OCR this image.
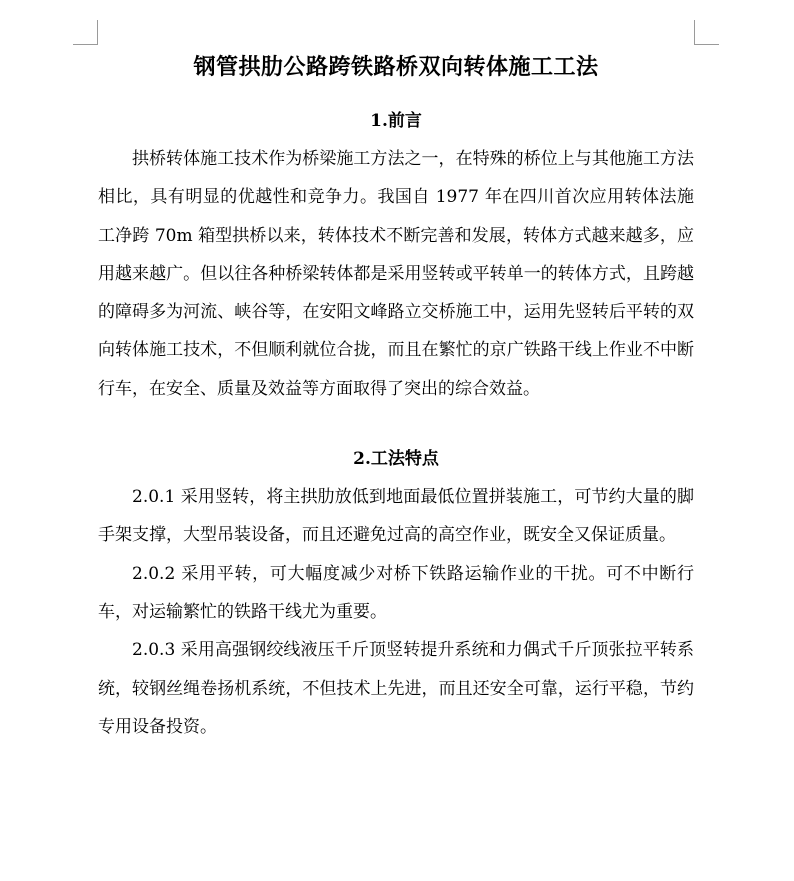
钢管拱肋公路跨铁路桥双向转体施工工法
1.前言

拱桥转体施工技术作为桥梁施工方法之一，在特殊的桥位上与其他施工方法相比，具有明显的优越性和竞争力。我国自 1977 年在四川首次应用转体法施工净跨 70m 箱型拱桥以来，转体技术不断完善和发展，转体方式越来越多，应用越来越广。但以往各种桥梁转体都是采用竖转或平转单一的转体方式，且跨越的障碍多为河流、峡谷等，在安阳文峰路立交桥施工中，运用先竖转后平转的双向转体施工技术，不但顺利就位合拢，而且在繁忙的京广铁路干线上作业不中断行车，在安全、质量及效益等方面取得了突出的综合效益。

2.工法特点

2.0.1 采用竖转，将主拱肋放低到地面最低位置拼装施工，可节约大量的脚手架支撑，大型吊装设备，而且还避免过高的高空作业，既安全又保证质量。

2.0.2 采用平转，可大幅度减少对桥下铁路运输作业的干扰。可不中断行车，对运输繁忙的铁路干线尤为重要。

2.0.3 采用高强钢绞线液压千斤顶竖转提升系统和力偶式千斤顶张拉平转系统，较钢丝绳卷扬机系统，不但技术上先进，而且还安全可靠，运行平稳，节约专用设备投资。
